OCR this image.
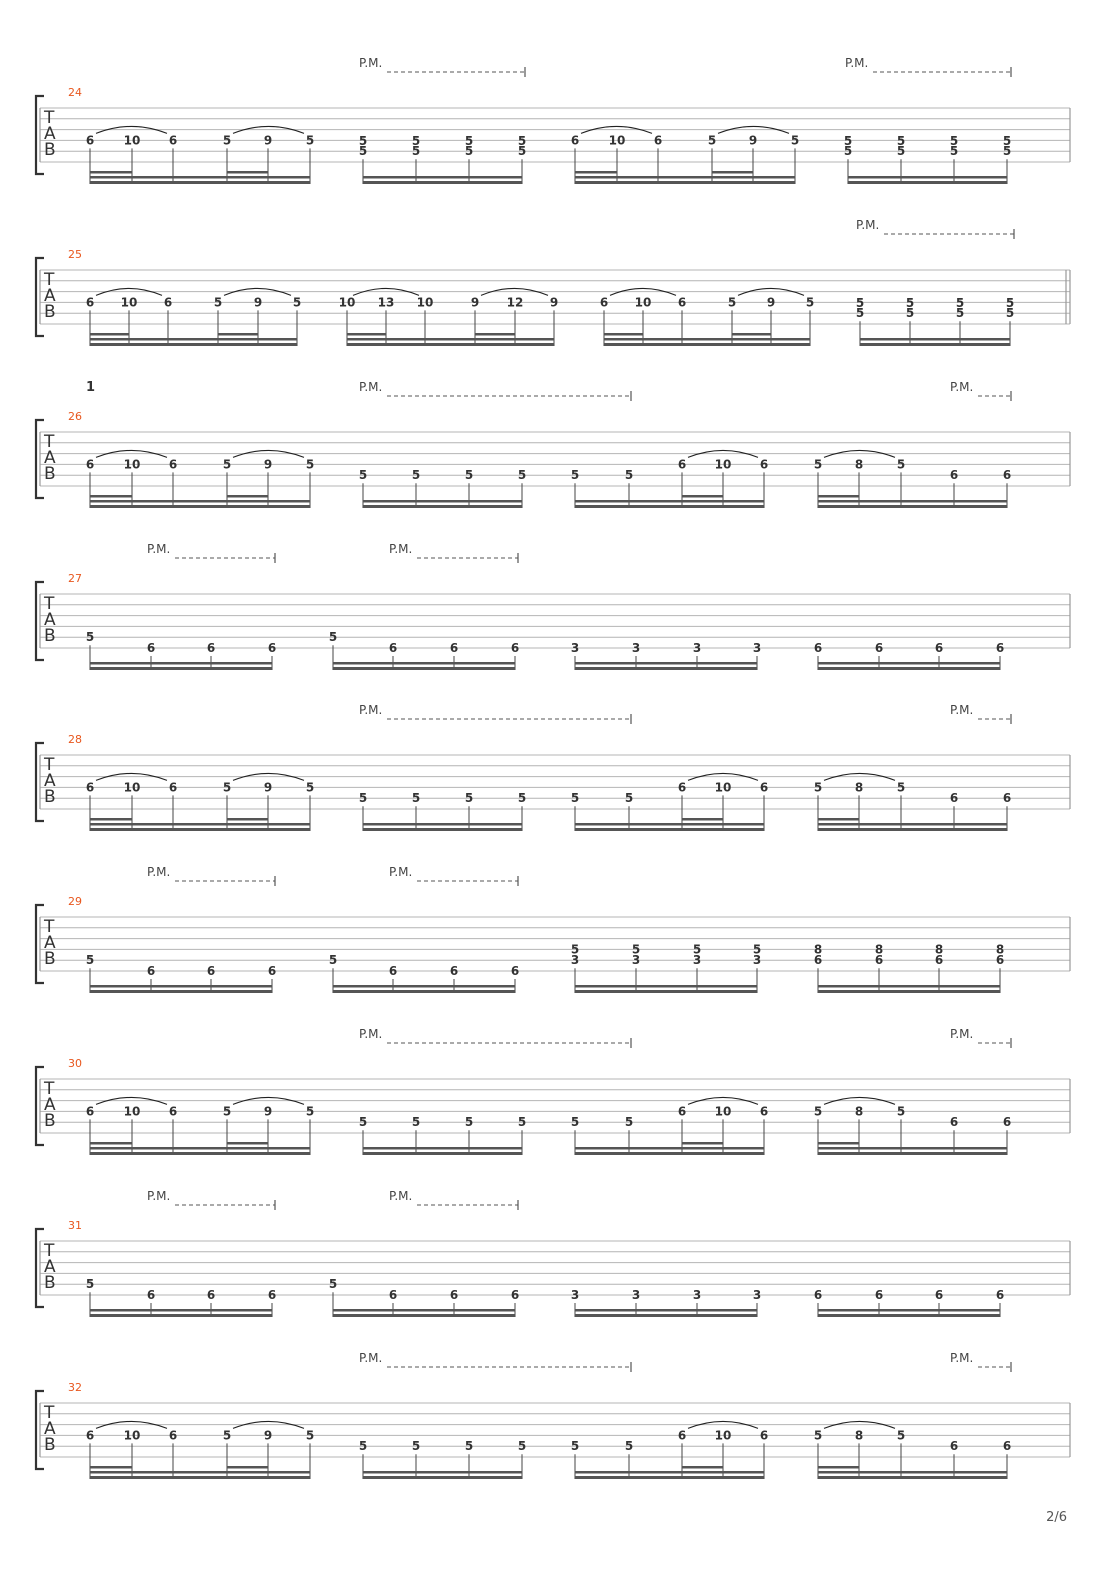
T
A
B
24
P.M.	P.M.
6 10 6	5	9	5	5
5
5
5
5
5
5
5
6 10 6	5	9	5	5
5
5
5
5
5
5
5
T
A
B
25
P.M.
6 10 6	5	9	5	10 13 10	9 12 9	6 10 6	5	9	5	5
5
5
5
5
5
5
5
T
A
B
26
1	P.M.	P.M.
6 10 6	5	9	5
5	5	5	5	5	5
6 10 6	5	8	5
6	6
T
A
B
27
P.M.	P.M.
5
6	6	6
5
6	6	6	3	3	3	3	6	6	6	6
T
A
B
28
P.M.	P.M.
6 10 6	5	9	5
5	5	5	5	5	5
6 10 6	5	8	5
6	6
T
A
B
29
P.M.	P.M.
5
6	6	6
5
6	6	6
5
3
5
3
5
3
5
3
8
6
8
6
8
6
8
6
T
A
B
30
P.M.	P.M.
6 10 6	5	9	5
5	5	5	5	5	5
6 10 6	5	8	5
6	6
T
A
B
31
P.M.	P.M.
5
6	6	6
5
6	6	6	3	3	3	3	6	6	6	6
T
A
B
32
P.M.	P.M.
6 10 6	5	9	5
5	5	5	5	5	5
6 10 6	5	8	5
6	6
2/6
